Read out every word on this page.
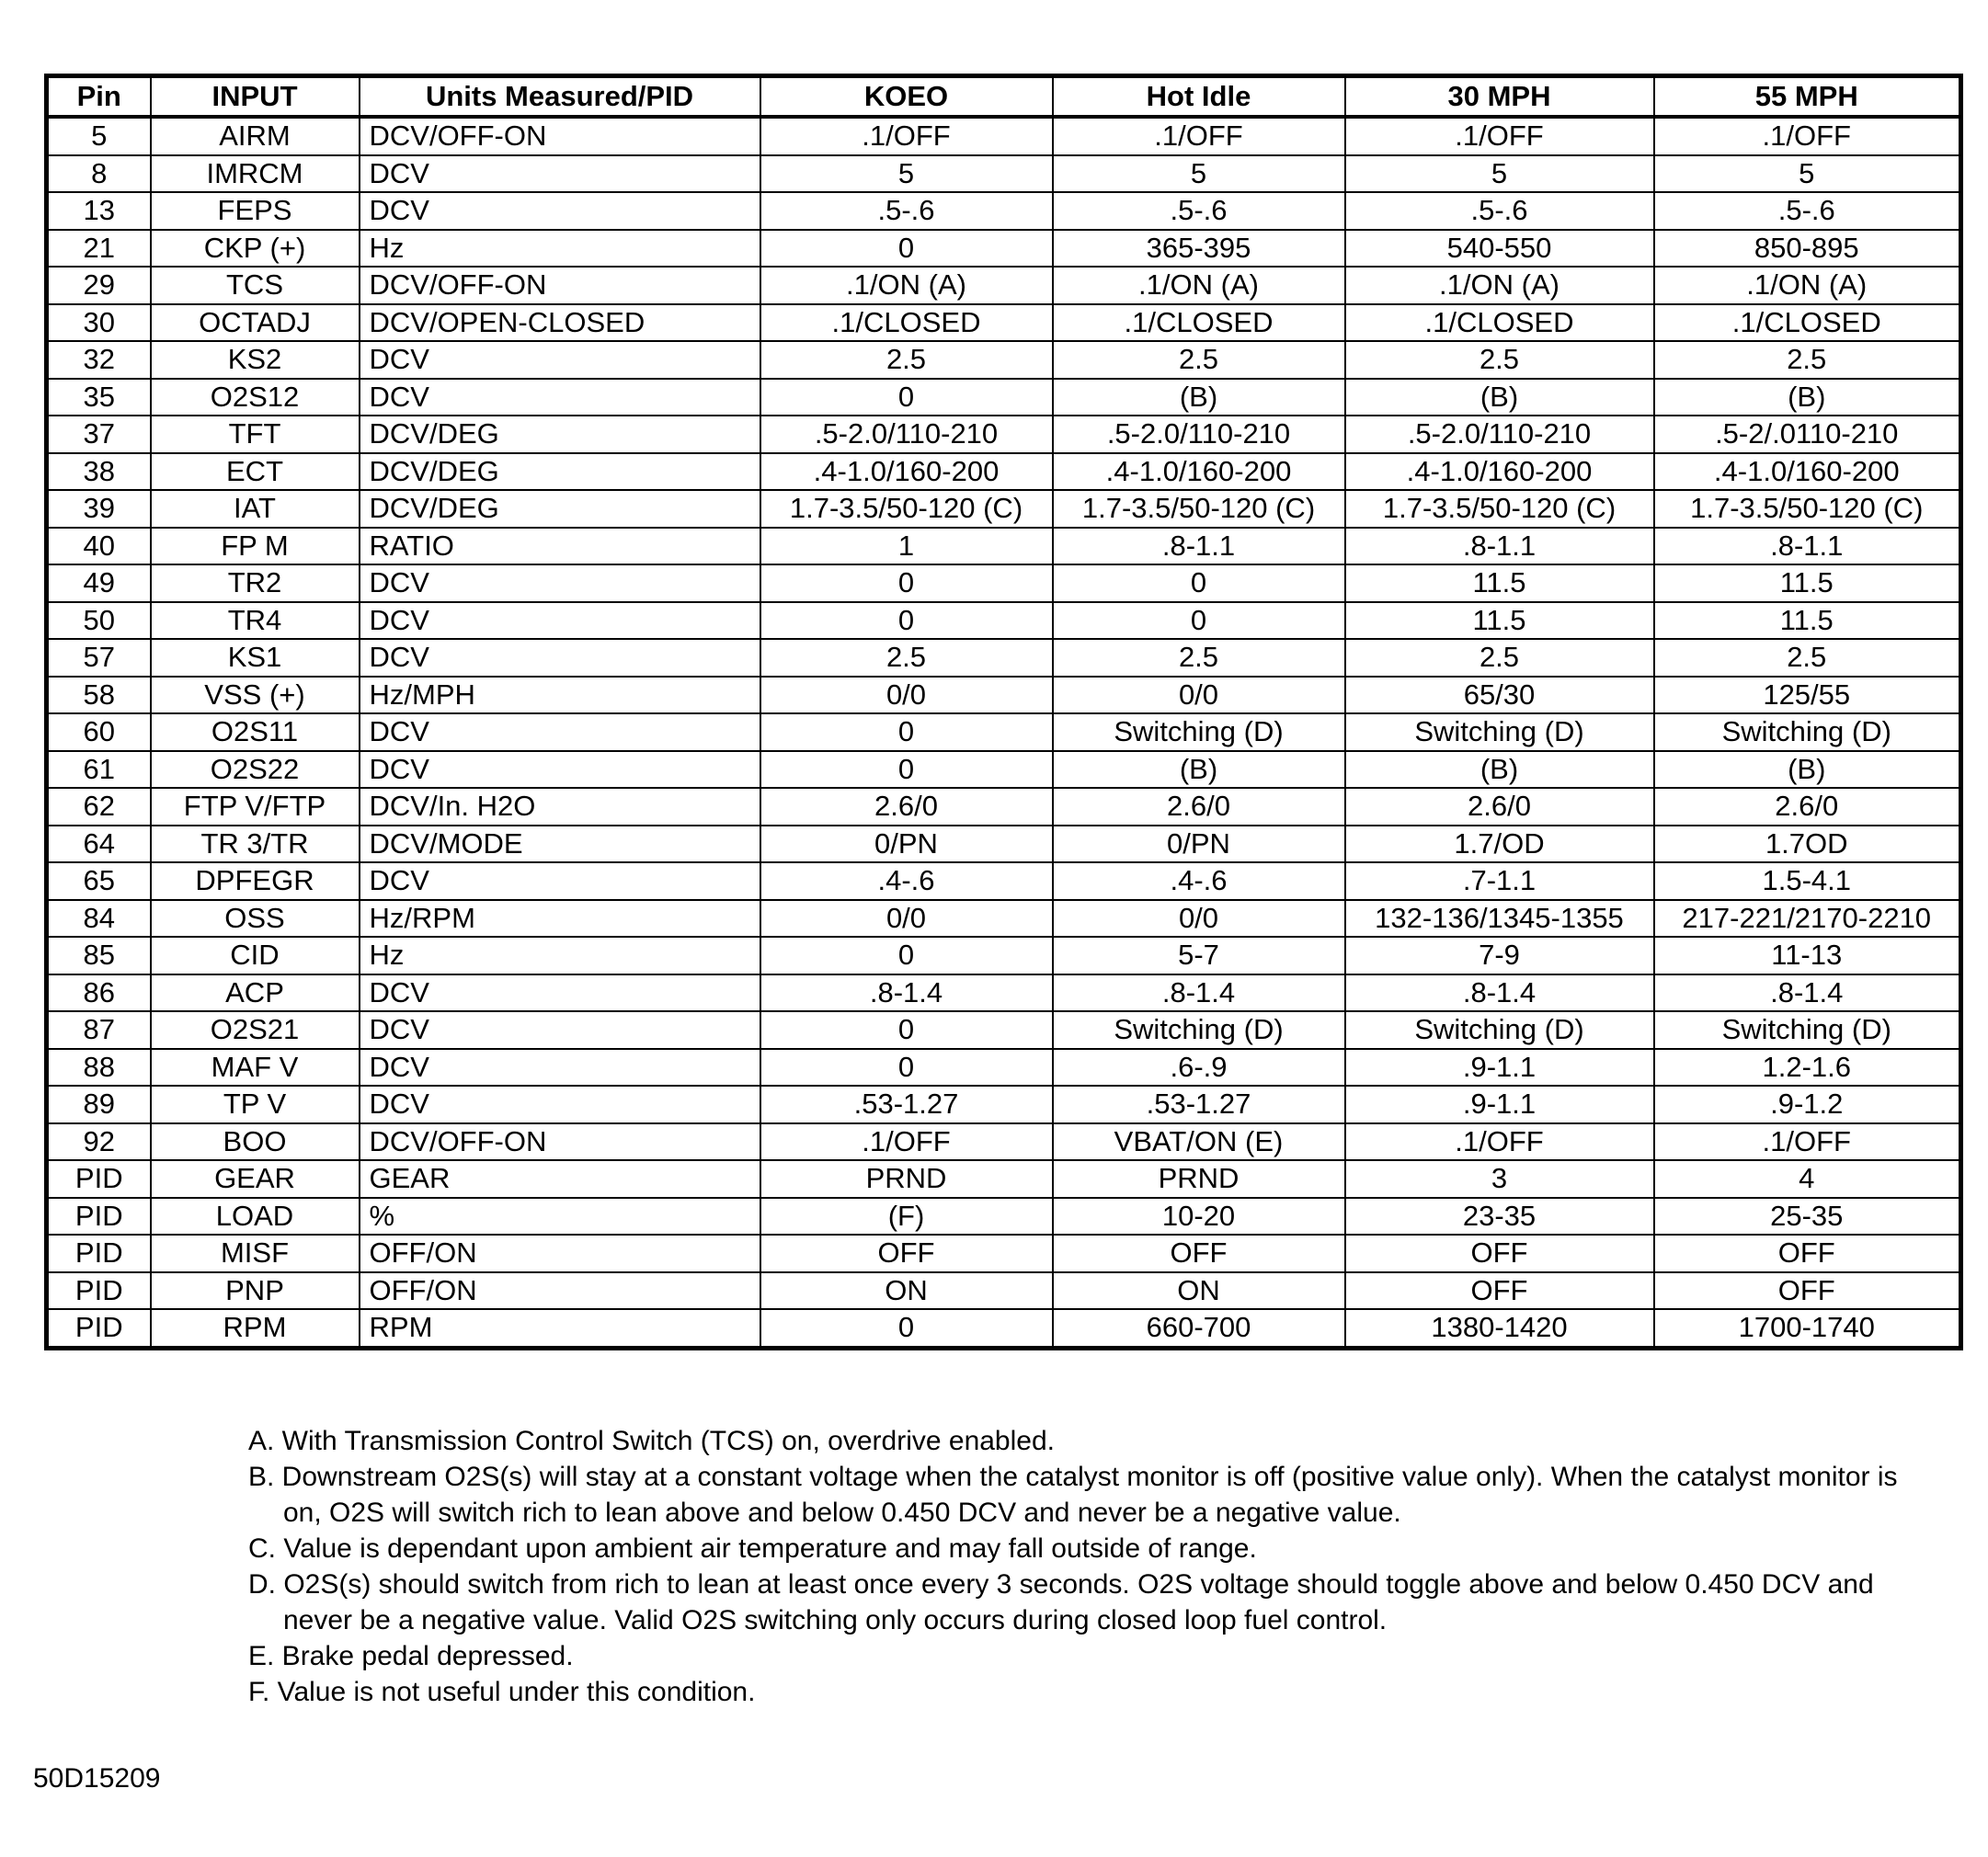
Pin	INPUT	Units Measured/PID	KOEO	Hot Idle	30 MPH	55 MPH
5	AIRM	DCV/OFF-ON	.1/OFF	.1/OFF	.1/OFF	.1/OFF
8	IMRCM	DCV	5	5	5	5
13	FEPS	DCV	.5-.6	.5-.6	.5-.6	.5-.6
21	CKP (+)	Hz	0	365-395	540-550	850-895
29	TCS	DCV/OFF-ON	.1/ON (A)	.1/ON (A)	.1/ON (A)	.1/ON (A)
30	OCTADJ	DCV/OPEN-CLOSED	.1/CLOSED	.1/CLOSED	.1/CLOSED	.1/CLOSED
32	KS2	DCV	2.5	2.5	2.5	2.5
35	O2S12	DCV	0	(B)	(B)	(B)
37	TFT	DCV/DEG	.5-2.0/110-210	.5-2.0/110-210	.5-2.0/110-210	.5-2/.0110-210
38	ECT	DCV/DEG	.4-1.0/160-200	.4-1.0/160-200	.4-1.0/160-200	.4-1.0/160-200
39	IAT	DCV/DEG	1.7-3.5/50-120 (C)	1.7-3.5/50-120 (C)	1.7-3.5/50-120 (C)	1.7-3.5/50-120 (C)
40	FP M	RATIO	1	.8-1.1	.8-1.1	.8-1.1
49	TR2	DCV	0	0	11.5	11.5
50	TR4	DCV	0	0	11.5	11.5
57	KS1	DCV	2.5	2.5	2.5	2.5
58	VSS (+)	Hz/MPH	0/0	0/0	65/30	125/55
60	O2S11	DCV	0	Switching (D)	Switching (D)	Switching (D)
61	O2S22	DCV	0	(B)	(B)	(B)
62	FTP V/FTP	DCV/In. H2O	2.6/0	2.6/0	2.6/0	2.6/0
64	TR 3/TR	DCV/MODE	0/PN	0/PN	1.7/OD	1.7OD
65	DPFEGR	DCV	.4-.6	.4-.6	.7-1.1	1.5-4.1
84	OSS	Hz/RPM	0/0	0/0	132-136/1345-1355	217-221/2170-2210
85	CID	Hz	0	5-7	7-9	11-13
86	ACP	DCV	.8-1.4	.8-1.4	.8-1.4	.8-1.4
87	O2S21	DCV	0	Switching (D)	Switching (D)	Switching (D)
88	MAF V	DCV	0	.6-.9	.9-1.1	1.2-1.6
89	TP V	DCV	.53-1.27	.53-1.27	.9-1.1	.9-1.2
92	BOO	DCV/OFF-ON	.1/OFF	VBAT/ON (E)	.1/OFF	.1/OFF
PID	GEAR	GEAR	PRND	PRND	3	4
PID	LOAD	%	(F)	10-20	23-35	25-35
PID	MISF	OFF/ON	OFF	OFF	OFF	OFF
PID	PNP	OFF/ON	ON	ON	OFF	OFF
PID	RPM	RPM	0	660-700	1380-1420	1700-1740
A. With Transmission Control Switch (TCS) on, overdrive enabled.
B. Downstream O2S(s) will stay at a constant voltage when the catalyst monitor is off (positive value only). When the catalyst monitor is on, O2S will switch rich to lean above and below 0.450 DCV and never be a negative value.
C. Value is dependant upon ambient air temperature and may fall outside of range.
D. O2S(s) should switch from rich to lean at least once every 3 seconds. O2S voltage should toggle above and below 0.450 DCV and never be a negative value. Valid O2S switching only occurs during closed loop fuel control.
E. Brake pedal depressed.
F. Value is not useful under this condition.
50D15209
